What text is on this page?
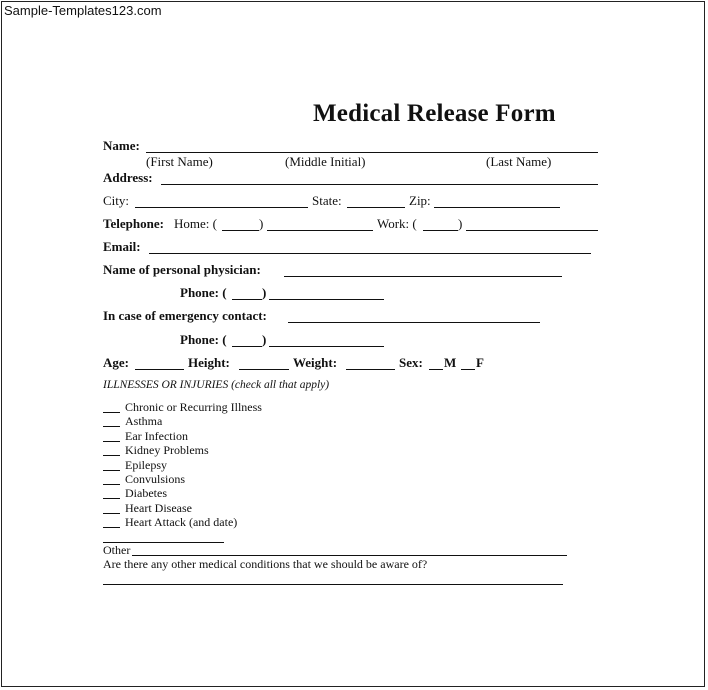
Sample-Templates123.com
Medical Release Form
Name:
(First Name)	(Middle Initial)	(Last Name)
Address:
City:	State:	Zip:
Telephone: Home: (	)	Work: (	)
Email:
Name of personal physician:
Phone: (	)
In case of emergency contact:
Phone: (	)
Age:	Height:	Weight:	Sex: M F
ILLNESSES OR INJURIES (check all that apply)
Chronic or Recurring Illness
Asthma
Ear Infection
Kidney Problems
Epilepsy
Convulsions
Diabetes
Heart Disease
Heart Attack (and date)
Other
Are there any other medical conditions that we should be aware of?
